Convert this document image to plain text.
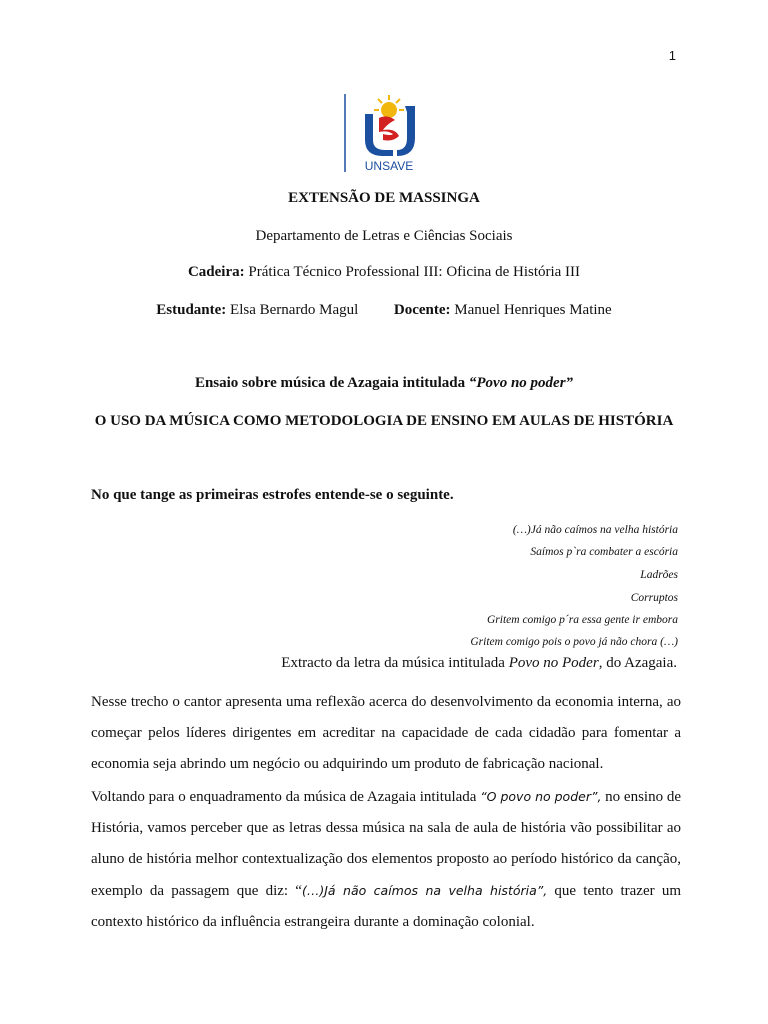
1
UNSAVE
EXTENSÃO DE MASSINGA
Departamento de Letras e Ciências Sociais
Cadeira: Prática Técnico Professional III: Oficina de História III
Estudante: Elsa Bernardo Magul Docente: Manuel Henriques Matine
Ensaio sobre música de Azagaia intitulada “Povo no poder”
O USO DA MÚSICA COMO METODOLOGIA DE ENSINO EM AULAS DE HISTÓRIA
No que tange as primeiras estrofes entende-se o seguinte.
(…)Já não caímos na velha história
Saímos p`ra combater a escória
Ladrões
Corruptos
Gritem comigo p´ra essa gente ir embora
Gritem comigo pois o povo já não chora (…)
Extracto da letra da música intitulada Povo no Poder, do Azagaia.
Nesse trecho o cantor apresenta uma reflexão acerca do desenvolvimento da economia interna, ao começar pelos líderes dirigentes em acreditar na capacidade de cada cidadão para fomentar a economia seja abrindo um negócio ou adquirindo um produto de fabricação nacional.
Voltando para o enquadramento da música de Azagaia intitulada “O povo no poder”, no ensino de História, vamos perceber que as letras dessa música na sala de aula de história vão possibilitar ao aluno de história melhor contextualização dos elementos proposto ao período histórico da canção, exemplo da passagem que diz: “(…)Já não caímos na velha história”, que tento trazer um contexto histórico da influência estrangeira durante a dominação colonial.
